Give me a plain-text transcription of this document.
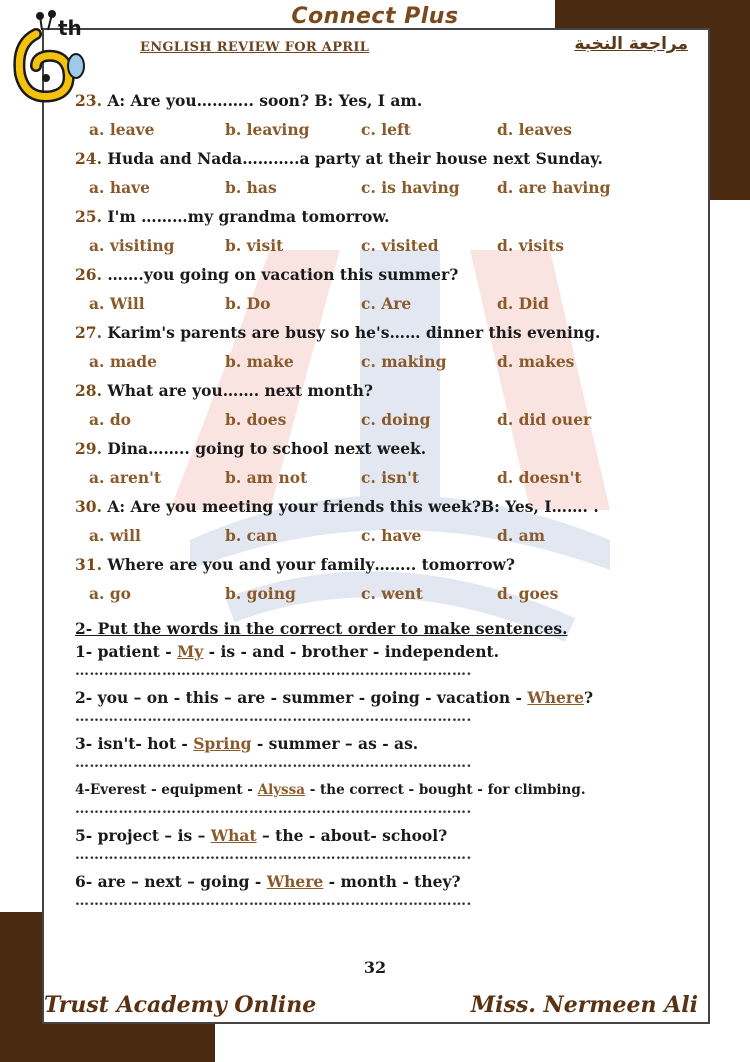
th	Connect Plus
ENGLISH REVIEW FOR APRIL	مراجعة النخبة
23. A: Are you……….. soon? B: Yes, I am.
a. leave	b. leaving	c. left	d. leaves
24. Huda and Nada………..a party at their house next Sunday.
a. have	b. has	c. is having	d. are having
25. I'm ………my grandma tomorrow.
a. visiting	b. visit	c. visited	d. visits
26. …….you going on vacation this summer?
a. Will	b. Do	c. Are	d. Did
27. Karim's parents are busy so he's…… dinner this evening.
a. made	b. make	c. making	d. makes
28. What are you……. next month?
a. do	b. does	c. doing	d. did ouer
29. Dina…….. going to school next week.
a. aren't	b. am not	c. isn't	d. doesn't
30. A: Are you meeting your friends this week?B: Yes, I……. .
a. will	b. can	c. have	d. am
31. Where are you and your family…….. tomorrow?
a. go	b. going	c. went	d. goes
2- Put the words in the correct order to make sentences.
1- patient - My - is - and - brother - independent.
……………………………………………………………………….
2- you – on - this – are - summer - going - vacation - Where?
……………………………………………………………………….
3- isn't- hot - Spring - summer – as - as.
……………………………………………………………………….
4-Everest - equipment - Alyssa - the correct - bought - for climbing.
……………………………………………………………………….
5- project – is – What – the - about- school?
……………………………………………………………………….
6- are – next – going - Where - month - they?
……………………………………………………………………….
32
Trust Academy Online	Miss. Nermeen Ali
